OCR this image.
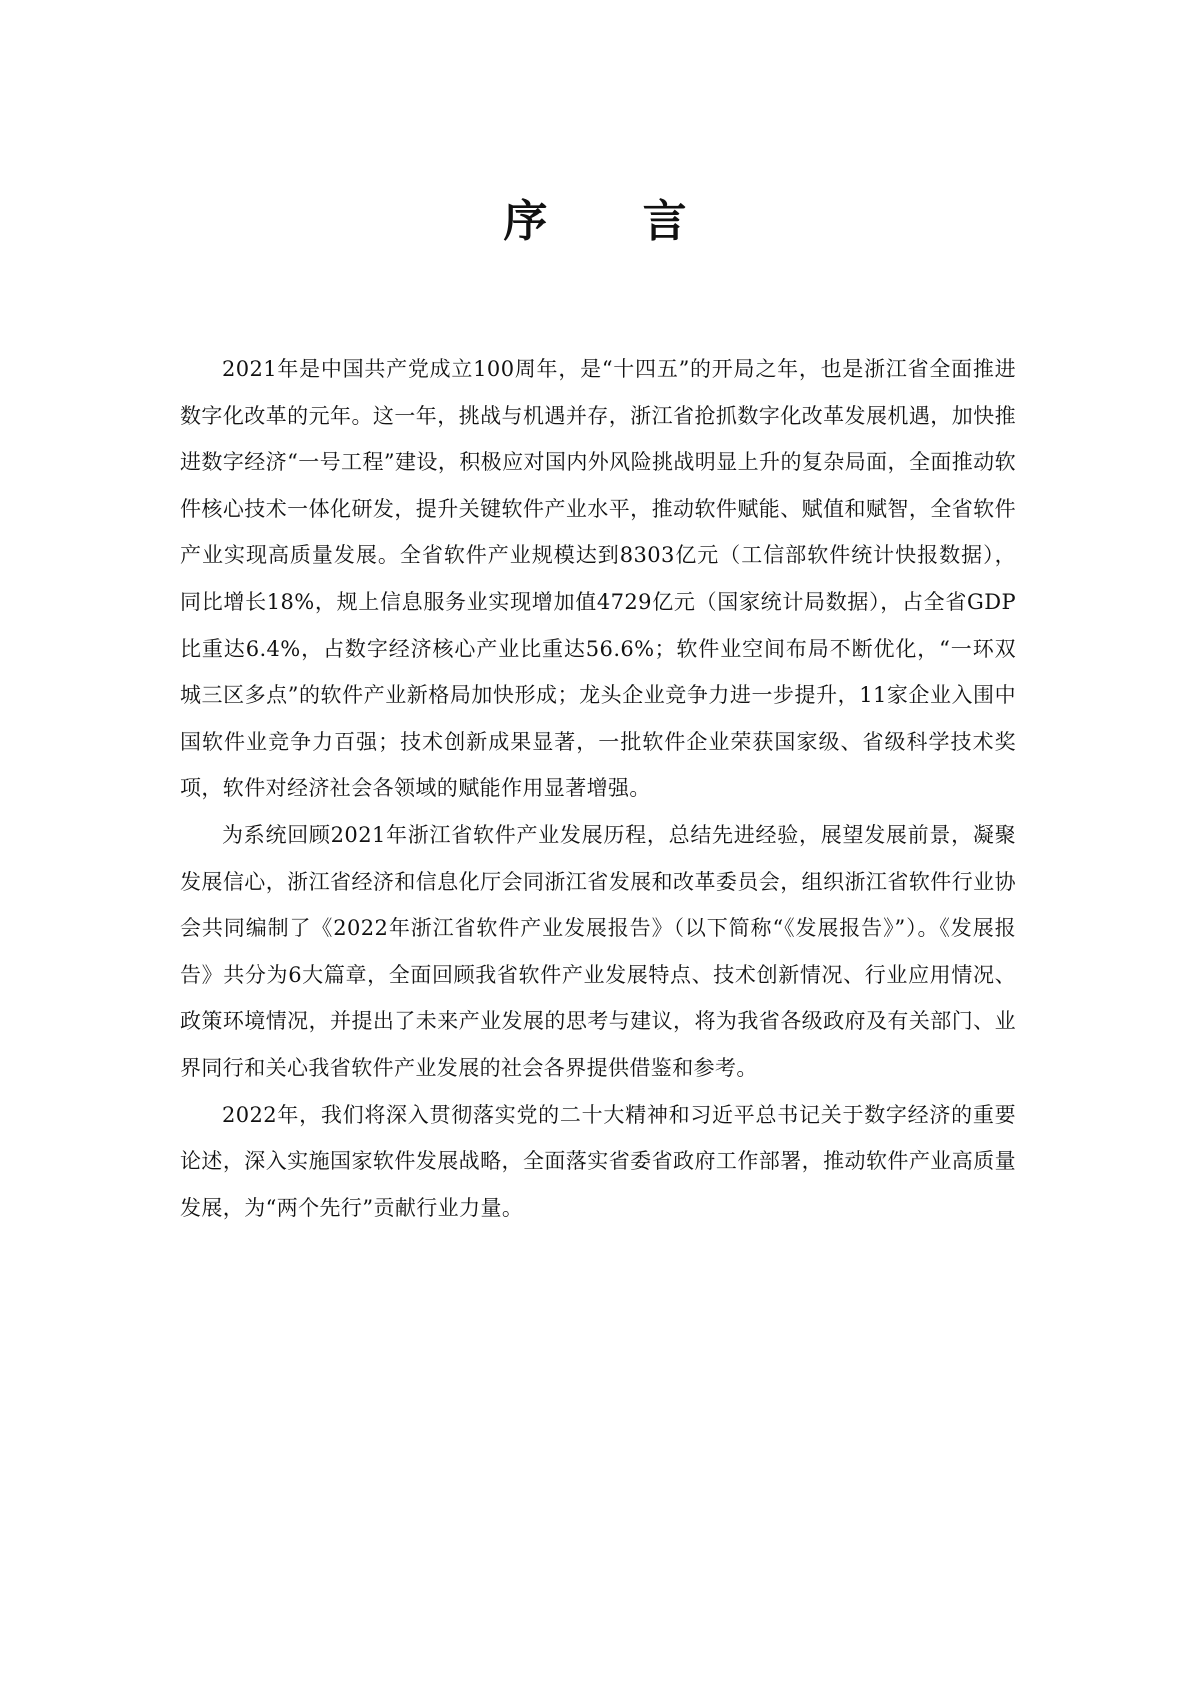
序 言

2021年是中国共产党成立100周年，是“十四五”的开局之年，也是浙江省全面推进数字化改革的元年。这一年，挑战与机遇并存，浙江省抢抓数字化改革发展机遇，加快推进数字经济“一号工程”建设，积极应对国内外风险挑战明显上升的复杂局面，全面推动软件核心技术一体化研发，提升关键软件产业水平，推动软件赋能、赋值和赋智，全省软件产业实现高质量发展。全省软件产业规模达到8303亿元（工信部软件统计快报数据），同比增长18%，规上信息服务业实现增加值4729亿元（国家统计局数据），占全省GDP比重达6.4%，占数字经济核心产业比重达56.6%；软件业空间布局不断优化，“一环双城三区多点”的软件产业新格局加快形成；龙头企业竞争力进一步提升，11家企业入围中国软件业竞争力百强；技术创新成果显著，一批软件企业荣获国家级、省级科学技术奖项，软件对经济社会各领域的赋能作用显著增强。

为系统回顾2021年浙江省软件产业发展历程，总结先进经验，展望发展前景，凝聚发展信心，浙江省经济和信息化厅会同浙江省发展和改革委员会，组织浙江省软件行业协会共同编制了《2022年浙江省软件产业发展报告》（以下简称“《发展报告》”）。《发展报告》共分为6大篇章，全面回顾我省软件产业发展特点、技术创新情况、行业应用情况、政策环境情况，并提出了未来产业发展的思考与建议，将为我省各级政府及有关部门、业界同行和关心我省软件产业发展的社会各界提供借鉴和参考。

2022年，我们将深入贯彻落实党的二十大精神和习近平总书记关于数字经济的重要论述，深入实施国家软件发展战略，全面落实省委省政府工作部署，推动软件产业高质量发展，为“两个先行”贡献行业力量。
